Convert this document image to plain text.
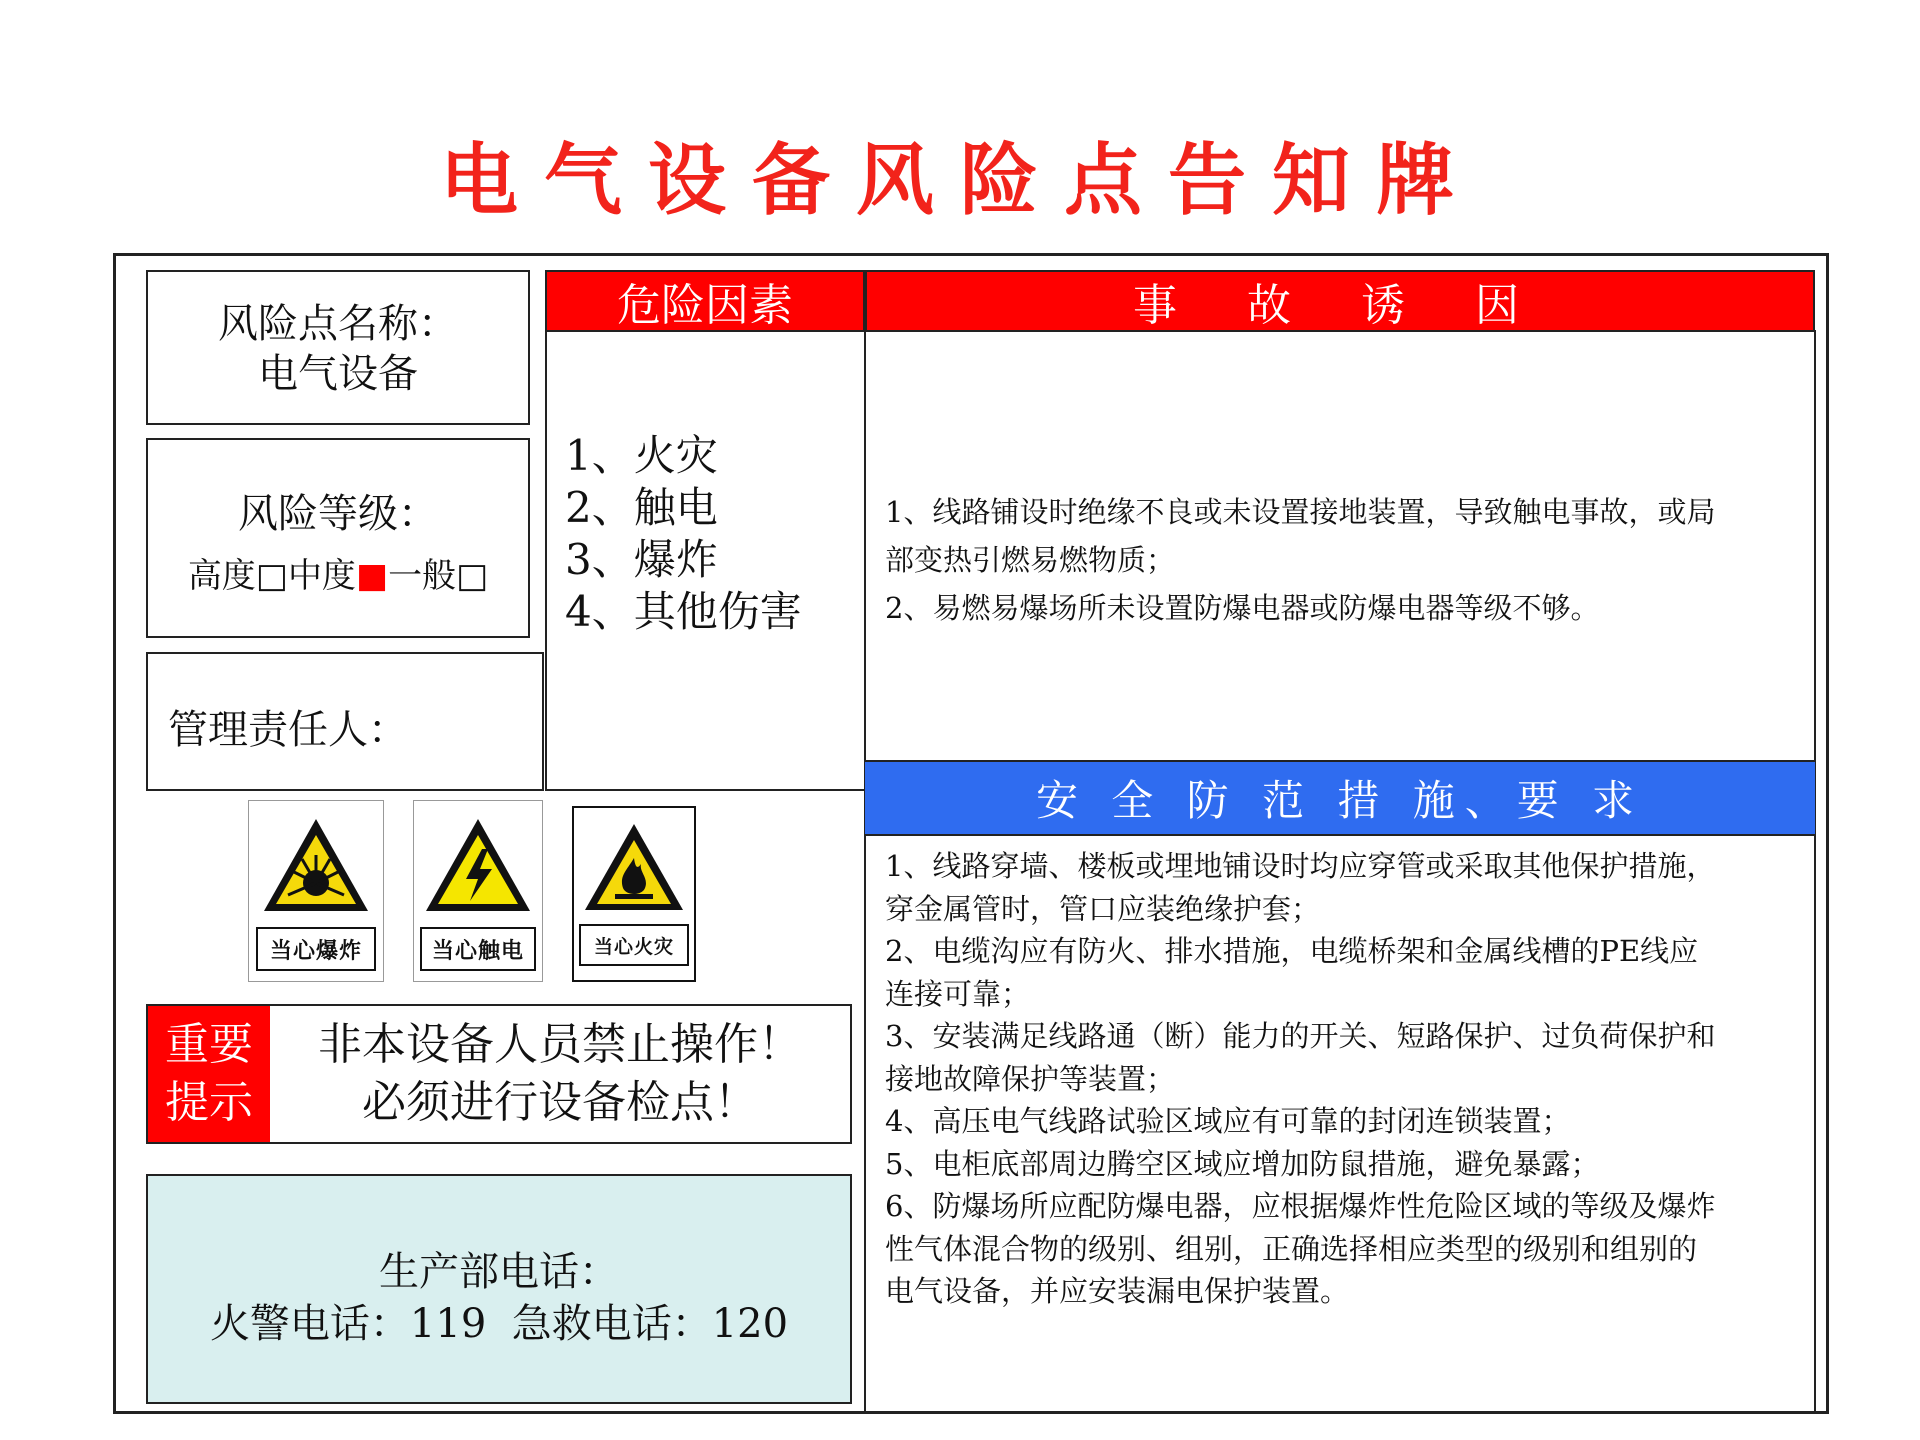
电气设备风险点告知牌
风险点名称：
电气设备
风险等级：
高度□中度■一般□
管理责任人：
危险因素	事 故 诱 因
1、火灾
2、触电
3、爆炸
4、其他伤害
1、线路铺设时绝缘不良或未设置接地装置，导致触电事故，或局
部变热引燃易燃物质；
2、易燃易爆场所未设置防爆电器或防爆电器等级不够。
安 全 防 范 措 施、要 求
1、线路穿墙、楼板或埋地铺设时均应穿管或采取其他保护措施，
穿金属管时，管口应装绝缘护套；
2、电缆沟应有防火、排水措施，电缆桥架和金属线槽的PE线应
连接可靠；
3、安装满足线路通（断）能力的开关、短路保护、过负荷保护和
接地故障保护等装置；
4、高压电气线路试验区域应有可靠的封闭连锁装置；
5、电柜底部周边腾空区域应增加防鼠措施，避免暴露；
6、防爆场所应配防爆电器，应根据爆炸性危险区域的等级及爆炸
性气体混合物的级别、组别，正确选择相应类型的级别和组别的
电气设备，并应安装漏电保护装置。
当心爆炸	当心触电	当心火灾
重要
提示
非本设备人员禁止操作！
必须进行设备检点！
生产部电话：
火警电话：119  急救电话：120
